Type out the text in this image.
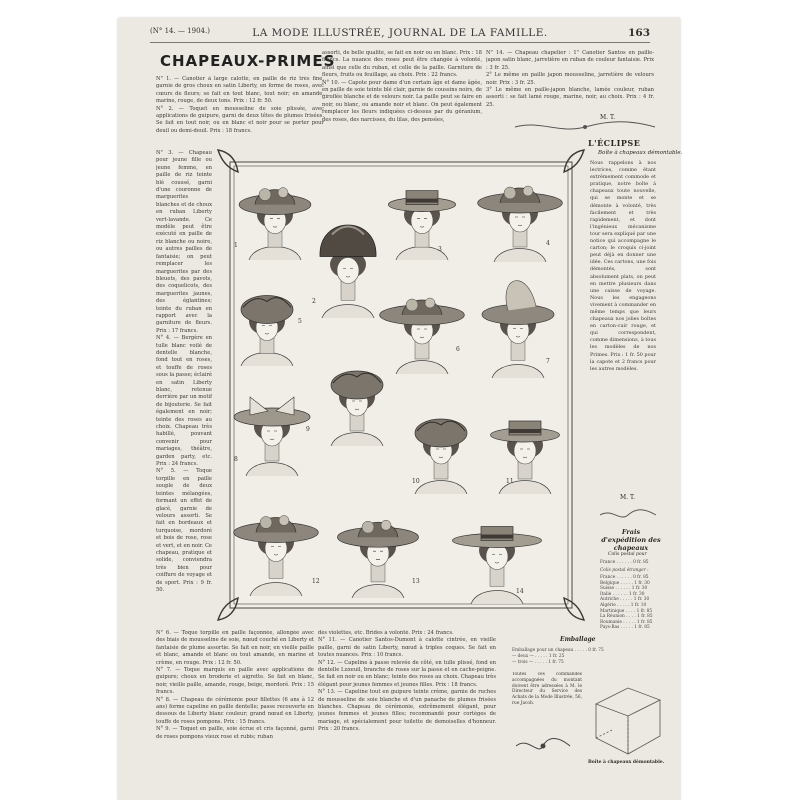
(N° 14. — 1904.)	LA MODE ILLUSTRÉE, JOURNAL DE LA FAMILLE.	163
CHAPEAUX-PRIMES
N° 1. — Canotier à large calotte, en paille de riz très fine, garnie de gros choux en satin Liberty, en forme de roses, avec cœurs de fleurs; se fait en tout blanc, tout noir; en amande, marine, rouge, de deux tons. Prix : 12 fr. 50.
N° 2. — Toquet en mousseline de soie plissée, avec applications de guipure, garni de deux têtes de plumes frisées. Se fait en tout noir, ou en blanc et noir pour se porter pour deuil ou demi-deuil. Prix : 18 francs.
N° 3. — Chapeau pour jeune fille ou jeune femme, en paille de riz teinte blé coussé, garni d'une couronne de marguerites blanches et de choux en ruban Liberty vert-lavande. Ce modèle peut être exécuté en paille de riz blanche ou noire, ou autres pailles de fantaisie; on peut remplacer les marguerites par des bleuets, des pavots, des coquelicots, des marguerites jaunes, des églantines; teinte du ruban en rapport avec la garniture de fleurs. Prix : 17 francs.
N° 4. — Bergère en tulle blanc voilé de dentelle blanche, fond tout en roses, et touffe de roses sous la passe; éclairé en satin Liberty blanc, retenue derrière par un motif de bijouterie. Se fait également en noir; teinte des roses au choix. Chapeau très habillé, pouvant convenir pour mariages, théâtre, garden party, etc. Prix : 24 francs.
N° 5. — Toque torpille en paille souple de deux teintes mélangées, formant un effet de glacé, garnie de velours assorti. Se fait en bordeaux et turquoise, mordoré et bois de rose, rose et vert, et en noir. Ce chapeau, pratique et solide, conviendra très bien pour coiffure de voyage et de sport. Prix : 9 fr. 50.
N° 6. — Toque torpille en paille façonnée, allongée avec des biais de mousseline de soie, nœud couché en Liberty et fantaisie de plume assortie. Se fait en noir, en vieille paille et blanc, amande et blanc ou tout amande, en marine et crème, en rouge. Prix : 12 fr. 50.
N° 7. — Toque marquis en paille avec applications de guipure; choux en broderie et aigrette. Se fait en blanc, noir, vieille paille, amande, rouge, beige, mordoré. Prix : 15 francs.
N° 8. — Chapeau de cérémonie pour fillettes (6 ans à 12 ans) forme capeline en paille dentelle; passe recouverte en dessous de Liberty blanc couleur; grand nœud en Liberty, touffe de roses pompons. Prix : 15 francs.
N° 9. — Toquet en paille, soie écrue et cris façonné, garni de roses pompons vieux rose et rubis; ruban
assorti, de belle qualité, se fait en noir ou en blanc. Prix : 18 francs. La nuance des roses peut être changée à volonté, ainsi que celle du ruban, et celle de la paille. Garniture de fleurs, fruits ou feuillage, au choix. Prix : 22 francs.
N° 10. — Capote pour dame d'un certain âge et dame âgée, en paille de soie teinte blé clair, garnie de coussins noirs, de giroflée blanche et de velours noir. La paille peut se faire en noir, ou blanc, ou amande noir et blanc. On peut également remplacer les fleurs indiquées ci-dessus par du géranium, des roses, des narcisses, du lilas, des pensées,
des violettes, etc. Brides à volonté. Prix : 24 francs.
N° 11. — Canotier Santos-Dumont à calotte cintrée, en vieille paille, garni de satin Liberty, nœud à triples coques. Se fait en toutes nuances. Prix : 10 francs.
N° 12. — Capeline à passe relevée de côté, en tulle plissé, fond en dentelle Luxeuil, branche de roses sur la passe et en cache-peigne. Se fait en noir ou en blanc; teinte des roses au choix. Chapeau très élégant pour jeunes femmes et jeunes filles. Prix : 18 francs.
N° 13. — Capeline tout en guipure teinte crème, garnie de ruches de mousseline de soie blanche et d'un panache de plumes frisées blanches. Chapeau de cérémonie, extrêmement élégant, pour jeunes femmes et jeunes filles; recommandé pour cortèges de mariage, et spécialement pour toilette de demoiselles d'honneur. Prix : 20 francs.
N° 14. — Chapeau chapelier : 1° Canotier Santos en paille-japon satin blanc, jarretière en ruban de couleur fantaisie. Prix : 3 fr. 25.
2° Le même en paille japon mousseline, jarretière de velours noir. Prix : 3 fr. 25.
3° Le même en paille-japon blanche, lamée couleur, ruban assorti : se fait lamé rouge, marine, noir, au choix. Prix : 4 fr. 25.
M. T.
L'ÉCLIPSE
Boîte à chapeaux démontable.
Nous rappelons à nos lectrices, comme étant extrêmement commode et pratique, notre boîte à chapeaux toute nouvelle, qui se monte et se démonte à volonté, très facilement et très rapidement, et dont l'ingénieux mécanisme tour sera expliqué par une notice qui accompagne le carton; le croquis ci-joint peut déjà en donner une idée. Ces cartons, une fois démontés, sont absolument plats, on peut en mettre plusieurs dans une caisse de voyage. Nous les engageons vivement à commander en même temps que leurs chapeaux nos jolies boîtes en carton-cuir rouge, et qui correspondent, comme dimensions, à tous les modèles de nos Primes. Prix : 1 fr. 50 pour la capote et 2 francs pour les autres modèles.
M. T.
Frais d'expédition des chapeaux
Colis postal pour
France . . . . . . 0 fr. 85
Colis postal étranger :
France . . . . . . 0 fr. 85
Belgique . . . . . 1 fr. 30
Suisse . . . . . . 1 fr. 30
Italie . . . . . . 1 fr. 30
Autriche . . . . . 1 fr. 30
Algérie . . . . . 1 fr. 10
Martinique . . . . 1 fr. 85
La Réunion . . . . 1 fr. 85
Roumanie . . . . . 1 fr. 85
Pays-Bas . . . . . 1 fr. 85
Emballage
Emballage pour un chapeau . . . . . 0 fr. 75
— deux — . . . . . 1 fr. 25
— trois — . . . . . 1 fr. 75
Toutes ces commandes accompagnées du montant doivent être adressées à M. le Directeur du Service des Achats de la Mode Illustrée, 56, rue Jacob.
Boîte à chapeaux démontable.
1
2
3
4
5
6
7
8
9
10	11
12	13
14
